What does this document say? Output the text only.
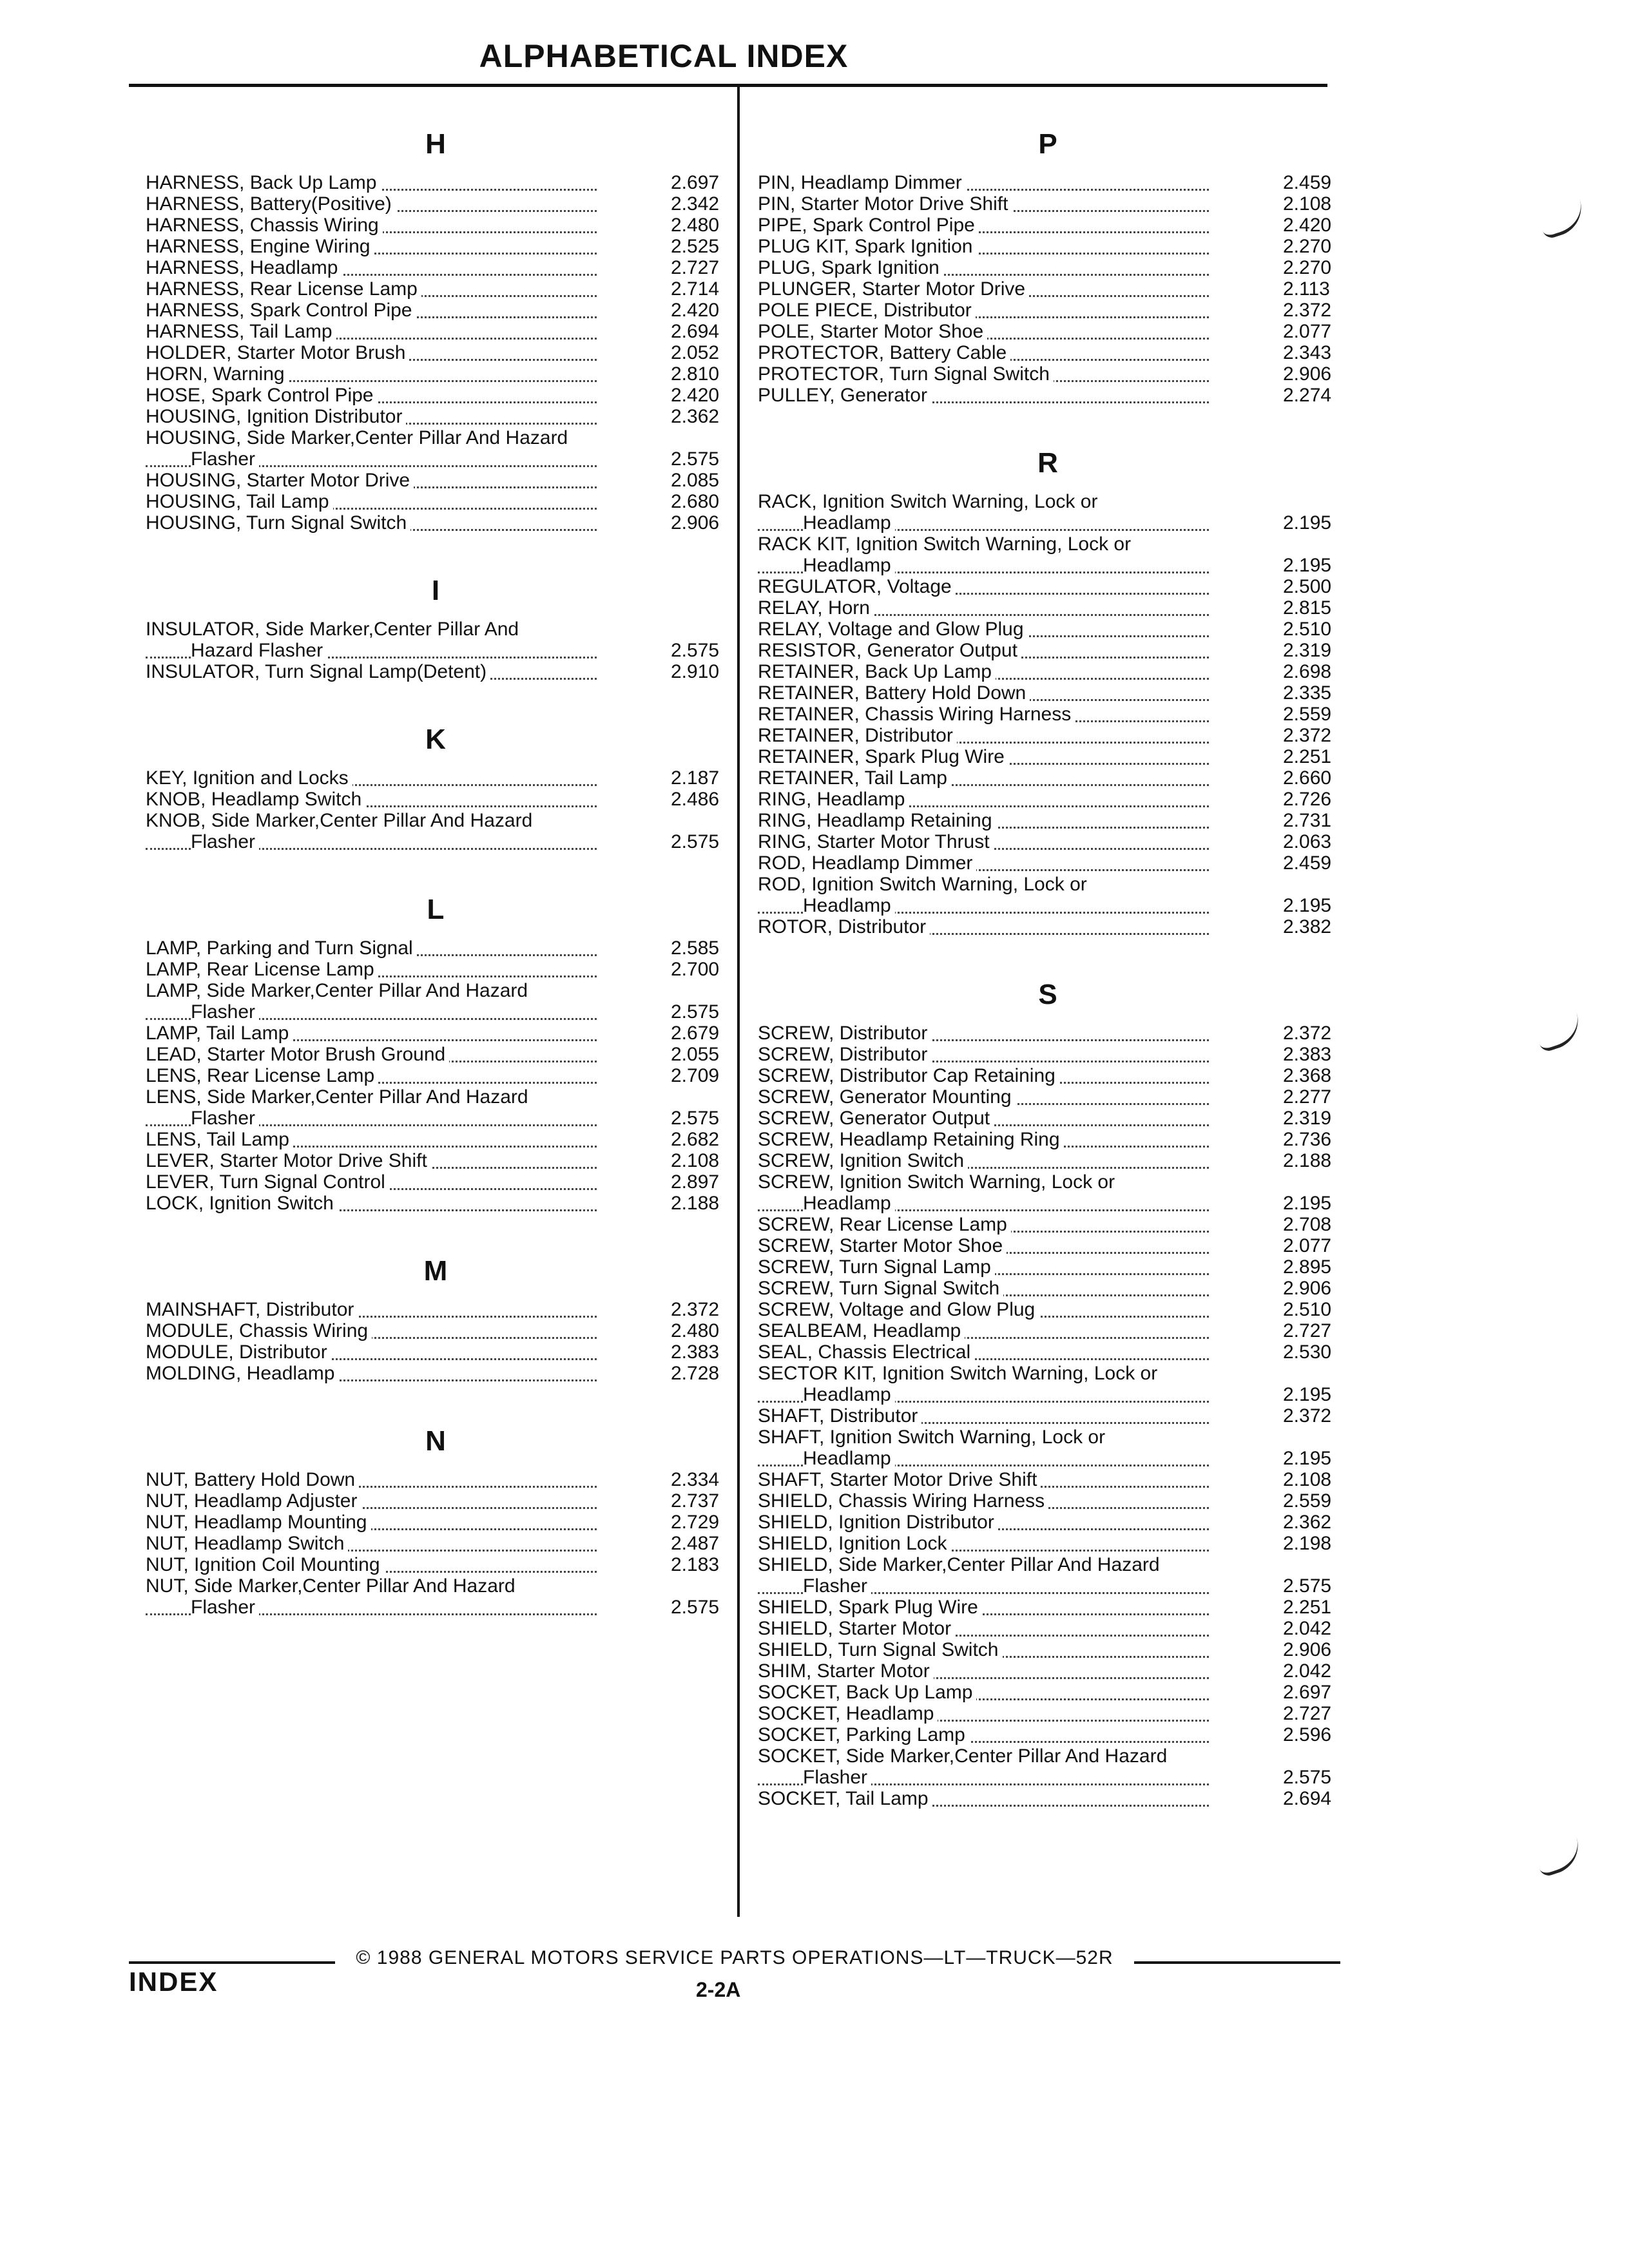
ALPHABETICAL INDEX
H
HARNESS, Back Up Lamp	2.697
HARNESS, Battery(Positive)	2.342
HARNESS, Chassis Wiring	2.480
HARNESS, Engine Wiring	2.525
HARNESS, Headlamp	2.727
HARNESS, Rear License Lamp	2.714
HARNESS, Spark Control Pipe	2.420
HARNESS, Tail Lamp	2.694
HOLDER, Starter Motor Brush	2.052
HORN, Warning	2.810
HOSE, Spark Control Pipe	2.420
HOUSING, Ignition Distributor	2.362
HOUSING, Side Marker,Center Pillar And Hazard
Flasher	2.575
HOUSING, Starter Motor Drive	2.085
HOUSING, Tail Lamp	2.680
HOUSING, Turn Signal Switch	2.906
I
INSULATOR, Side Marker,Center Pillar And
Hazard Flasher	2.575
INSULATOR, Turn Signal Lamp(Detent)	2.910
K
KEY, Ignition and Locks	2.187
KNOB, Headlamp Switch	2.486
KNOB, Side Marker,Center Pillar And Hazard
Flasher	2.575
L
LAMP, Parking and Turn Signal	2.585
LAMP, Rear License Lamp	2.700
LAMP, Side Marker,Center Pillar And Hazard
Flasher	2.575
LAMP, Tail Lamp	2.679
LEAD, Starter Motor Brush Ground	2.055
LENS, Rear License Lamp	2.709
LENS, Side Marker,Center Pillar And Hazard
Flasher	2.575
LENS, Tail Lamp	2.682
LEVER, Starter Motor Drive Shift	2.108
LEVER, Turn Signal Control	2.897
LOCK, Ignition Switch	2.188
M
MAINSHAFT, Distributor	2.372
MODULE, Chassis Wiring	2.480
MODULE, Distributor	2.383
MOLDING, Headlamp	2.728
N
NUT, Battery Hold Down	2.334
NUT, Headlamp Adjuster	2.737
NUT, Headlamp Mounting	2.729
NUT, Headlamp Switch	2.487
NUT, Ignition Coil Mounting	2.183
NUT, Side Marker,Center Pillar And Hazard
Flasher	2.575
P
PIN, Headlamp Dimmer	2.459
PIN, Starter Motor Drive Shift	2.108
PIPE, Spark Control Pipe	2.420
PLUG KIT, Spark Ignition	2.270
PLUG, Spark Ignition	2.270
PLUNGER, Starter Motor Drive	2.113
POLE PIECE, Distributor	2.372
POLE, Starter Motor Shoe	2.077
PROTECTOR, Battery Cable	2.343
PROTECTOR, Turn Signal Switch	2.906
PULLEY, Generator	2.274
R
RACK, Ignition Switch Warning, Lock or
Headlamp	2.195
RACK KIT, Ignition Switch Warning, Lock or
Headlamp	2.195
REGULATOR, Voltage	2.500
RELAY, Horn	2.815
RELAY, Voltage and Glow Plug	2.510
RESISTOR, Generator Output	2.319
RETAINER, Back Up Lamp	2.698
RETAINER, Battery Hold Down	2.335
RETAINER, Chassis Wiring Harness	2.559
RETAINER, Distributor	2.372
RETAINER, Spark Plug Wire	2.251
RETAINER, Tail Lamp	2.660
RING, Headlamp	2.726
RING, Headlamp Retaining	2.731
RING, Starter Motor Thrust	2.063
ROD, Headlamp Dimmer	2.459
ROD, Ignition Switch Warning, Lock or
Headlamp	2.195
ROTOR, Distributor	2.382
S
SCREW, Distributor	2.372
SCREW, Distributor	2.383
SCREW, Distributor Cap Retaining	2.368
SCREW, Generator Mounting	2.277
SCREW, Generator Output	2.319
SCREW, Headlamp Retaining Ring	2.736
SCREW, Ignition Switch	2.188
SCREW, Ignition Switch Warning, Lock or
Headlamp	2.195
SCREW, Rear License Lamp	2.708
SCREW, Starter Motor Shoe	2.077
SCREW, Turn Signal Lamp	2.895
SCREW, Turn Signal Switch	2.906
SCREW, Voltage and Glow Plug	2.510
SEALBEAM, Headlamp	2.727
SEAL, Chassis Electrical	2.530
SECTOR KIT, Ignition Switch Warning, Lock or
Headlamp	2.195
SHAFT, Distributor	2.372
SHAFT, Ignition Switch Warning, Lock or
Headlamp	2.195
SHAFT, Starter Motor Drive Shift	2.108
SHIELD, Chassis Wiring Harness	2.559
SHIELD, Ignition Distributor	2.362
SHIELD, Ignition Lock	2.198
SHIELD, Side Marker,Center Pillar And Hazard
Flasher	2.575
SHIELD, Spark Plug Wire	2.251
SHIELD, Starter Motor	2.042
SHIELD, Turn Signal Switch	2.906
SHIM, Starter Motor	2.042
SOCKET, Back Up Lamp	2.697
SOCKET, Headlamp	2.727
SOCKET, Parking Lamp	2.596
SOCKET, Side Marker,Center Pillar And Hazard
Flasher	2.575
SOCKET, Tail Lamp	2.694
© 1988 GENERAL MOTORS SERVICE PARTS OPERATIONS—LT—TRUCK—52R
INDEX	2-2A
